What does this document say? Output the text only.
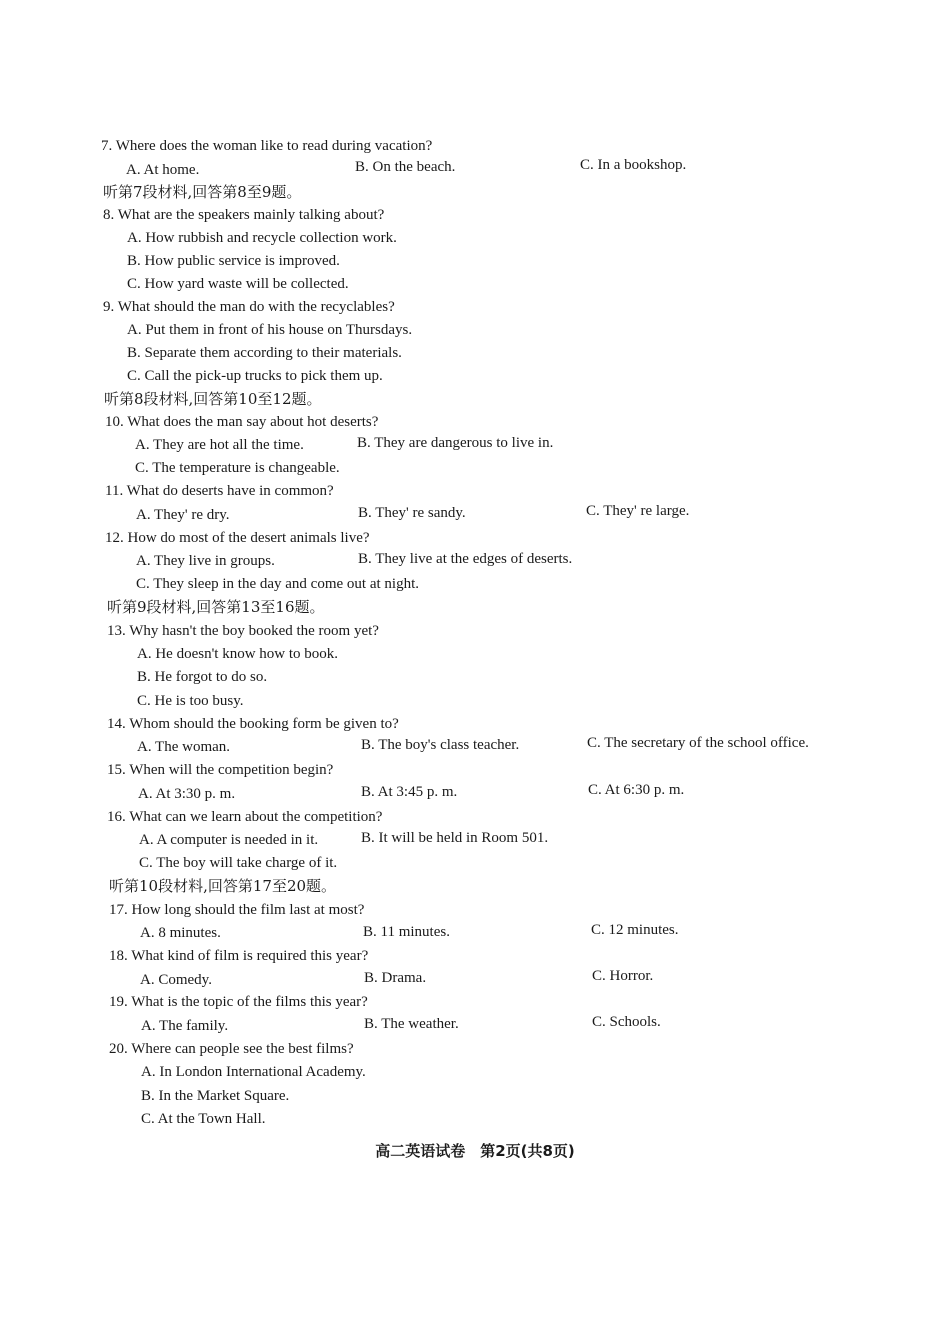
7. Where does the woman like to read during vacation?
A. At home.	B. On the beach.	C. In a bookshop.
听第7段材料,回答第8至9题。
8. What are the speakers mainly talking about?
A. How rubbish and recycle collection work.
B. How public service is improved.
C. How yard waste will be collected.
9. What should the man do with the recyclables?
A. Put them in front of his house on Thursdays.
B. Separate them according to their materials.
C. Call the pick-up trucks to pick them up.
听第8段材料,回答第10至12题。
10. What does the man say about hot deserts?
A. They are hot all the time.	B. They are dangerous to live in.
C. The temperature is changeable.
11. What do deserts have in common?
A. They' re dry.	B. They' re sandy.	C. They' re large.
12. How do most of the desert animals live?
A. They live in groups.	B. They live at the edges of deserts.
C. They sleep in the day and come out at night.
听第9段材料,回答第13至16题。
13. Why hasn't the boy booked the room yet?
A. He doesn't know how to book.
B. He forgot to do so.
C. He is too busy.
14. Whom should the booking form be given to?
A. The woman.	B. The boy's class teacher.	C. The secretary of the school office.
15. When will the competition begin?
A. At 3:30 p. m.	B. At 3:45 p. m.	C. At 6:30 p. m.
16. What can we learn about the competition?
A. A computer is needed in it.	B. It will be held in Room 501.
C. The boy will take charge of it.
听第10段材料,回答第17至20题。
17. How long should the film last at most?
A. 8 minutes.	B. 11 minutes.	C. 12 minutes.
18. What kind of film is required this year?
A. Comedy.	B. Drama.	C. Horror.
19. What is the topic of the films this year?
A. The family.	B. The weather.	C. Schools.
20. Where can people see the best films?
A. In London International Academy.
B. In the Market Square.
C. At the Town Hall.
高二英语试卷　第2页(共8页)
